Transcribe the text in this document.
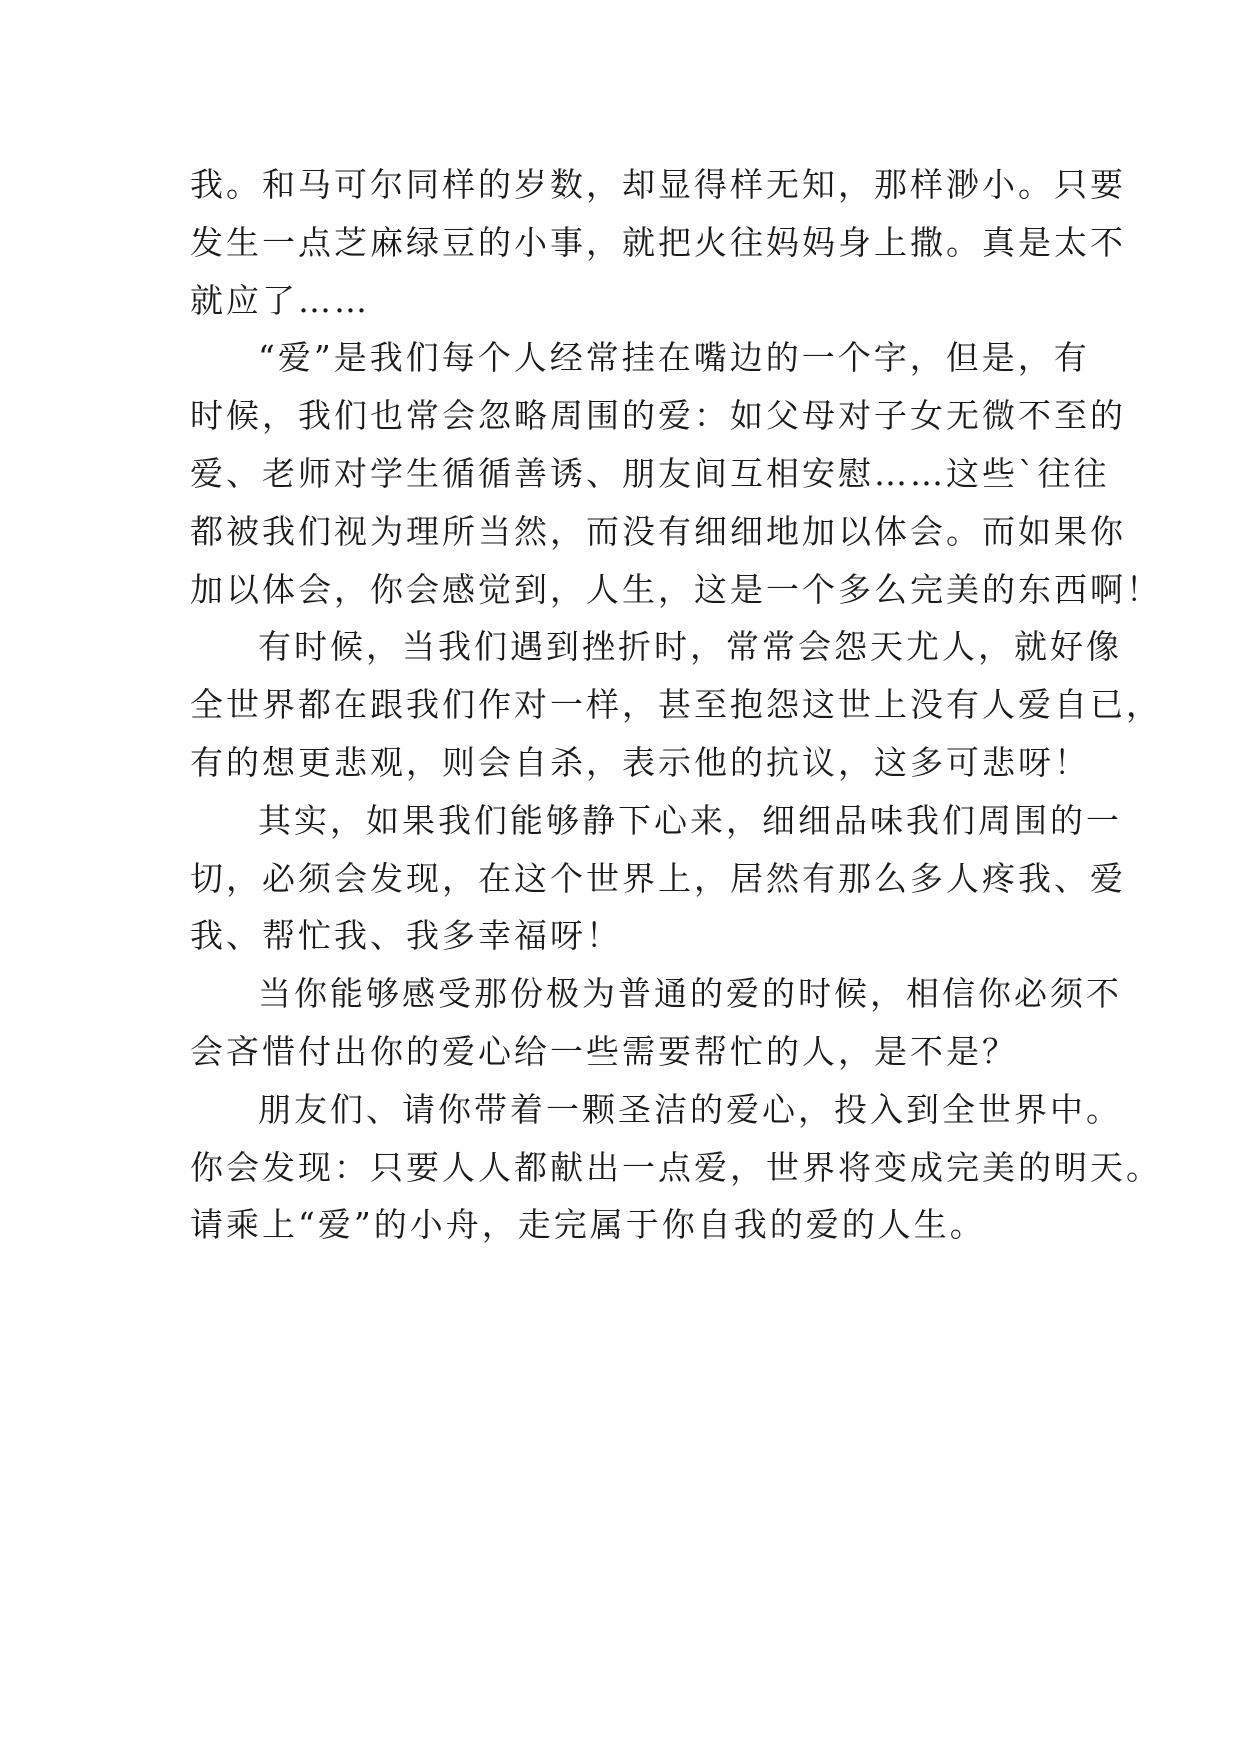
我。和马可尔同样的岁数，却显得样无知，那样渺小。只要
发生一点芝麻绿豆的小事，就把火往妈妈身上撒。真是太不
就应了……

“爱”是我们每个人经常挂在嘴边的一个字，但是，有
时候，我们也常会忽略周围的爱：如父母对子女无微不至的
爱、老师对学生循循善诱、朋友间互相安慰……这些`往往
都被我们视为理所当然，而没有细细地加以体会。而如果你
加以体会，你会感觉到，人生，这是一个多么完美的东西啊！

有时候，当我们遇到挫折时，常常会怨天尤人，就好像
全世界都在跟我们作对一样，甚至抱怨这世上没有人爱自已，
有的想更悲观，则会自杀，表示他的抗议，这多可悲呀！

其实，如果我们能够静下心来，细细品味我们周围的一
切，必须会发现，在这个世界上，居然有那么多人疼我、爱
我、帮忙我、我多幸福呀！

当你能够感受那份极为普通的爱的时候，相信你必须不
会吝惜付出你的爱心给一些需要帮忙的人，是不是？

朋友们、请你带着一颗圣洁的爱心，投入到全世界中。
你会发现：只要人人都献出一点爱，世界将变成完美的明天。
请乘上“爱”的小舟，走完属于你自我的爱的人生。
